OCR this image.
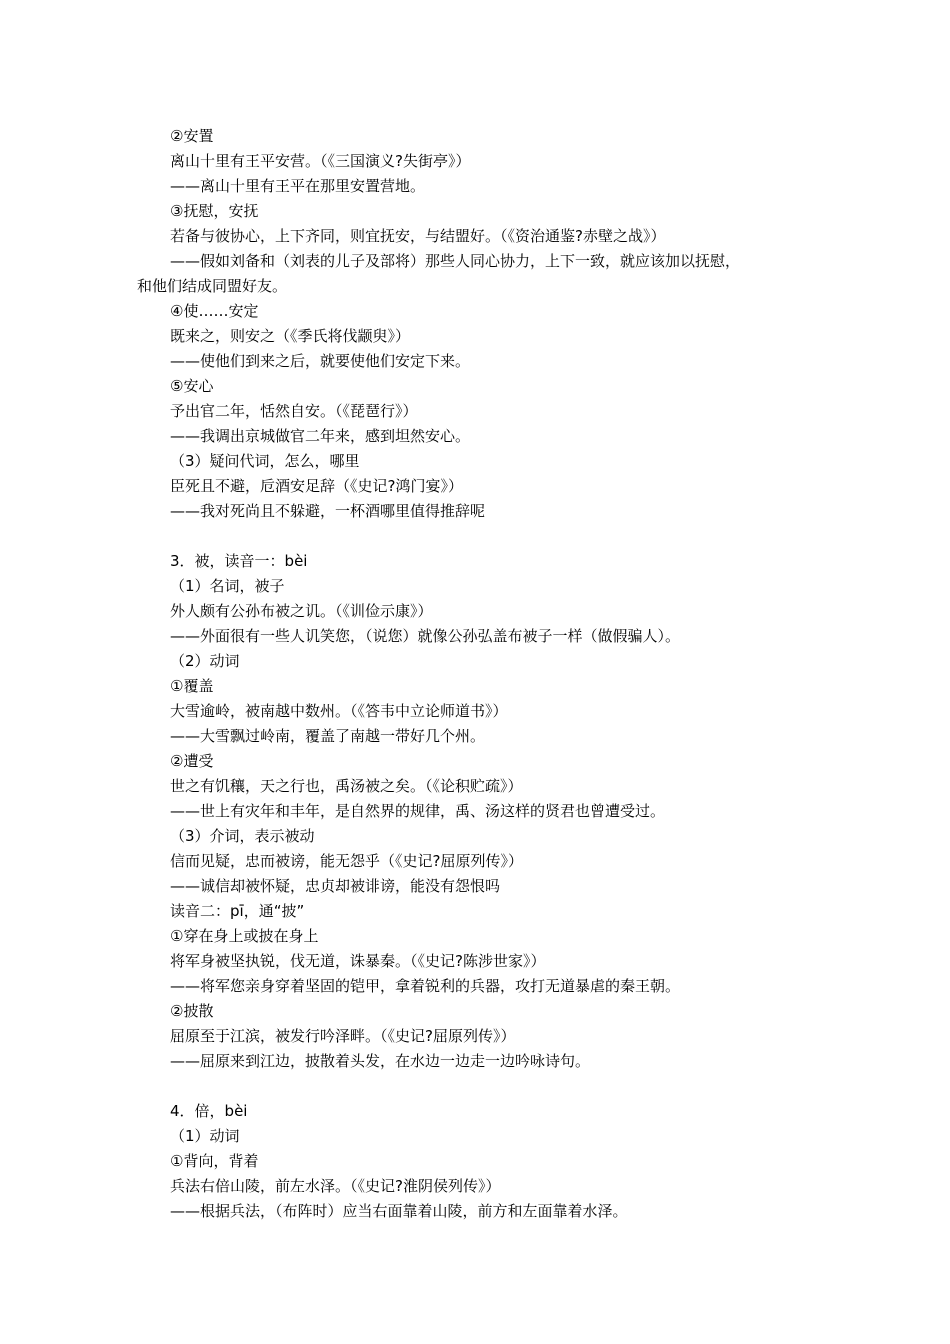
②安置
离山十里有王平安营。（《三国演义?失街亭》）
——离山十里有王平在那里安置营地。
③抚慰，安抚
若备与彼协心，上下齐同，则宜抚安，与结盟好。（《资治通鉴?赤壁之战》）
——假如刘备和（刘表的儿子及部将）那些人同心协力，上下一致，就应该加以抚慰，
和他们结成同盟好友。
④使……安定
既来之，则安之（《季氏将伐颛臾》）
——使他们到来之后，就要使他们安定下来。
⑤安心
予出官二年，恬然自安。（《琵琶行》）
——我调出京城做官二年来，感到坦然安心。
（3）疑问代词，怎么，哪里
臣死且不避，卮酒安足辞（《史记?鸿门宴》）
——我对死尚且不躲避，一杯酒哪里值得推辞呢
3．被，读音一：bèi
（1）名词，被子
外人颇有公孙布被之讥。（《训俭示康》）
——外面很有一些人讥笑您，（说您）就像公孙弘盖布被子一样（做假骗人）。
（2）动词
①覆盖
大雪逾岭，被南越中数州。（《答韦中立论师道书》）
——大雪飘过岭南，覆盖了南越一带好几个州。
②遭受
世之有饥穰，天之行也，禹汤被之矣。（《论积贮疏》）
——世上有灾年和丰年，是自然界的规律，禹、汤这样的贤君也曾遭受过。
（3）介词，表示被动
信而见疑，忠而被谤，能无怨乎（《史记?屈原列传》）
——诚信却被怀疑，忠贞却被诽谤，能没有怨恨吗
读音二：pī，通“披”
①穿在身上或披在身上
将军身被坚执锐，伐无道，诛暴秦。（《史记?陈涉世家》）
——将军您亲身穿着坚固的铠甲，拿着锐利的兵器，攻打无道暴虐的秦王朝。
②披散
屈原至于江滨，被发行吟泽畔。（《史记?屈原列传》）
——屈原来到江边，披散着头发，在水边一边走一边吟咏诗句。
4．倍，bèi
（1）动词
①背向，背着
兵法右倍山陵，前左水泽。（《史记?淮阴侯列传》）
——根据兵法，（布阵时）应当右面靠着山陵，前方和左面靠着水泽。
